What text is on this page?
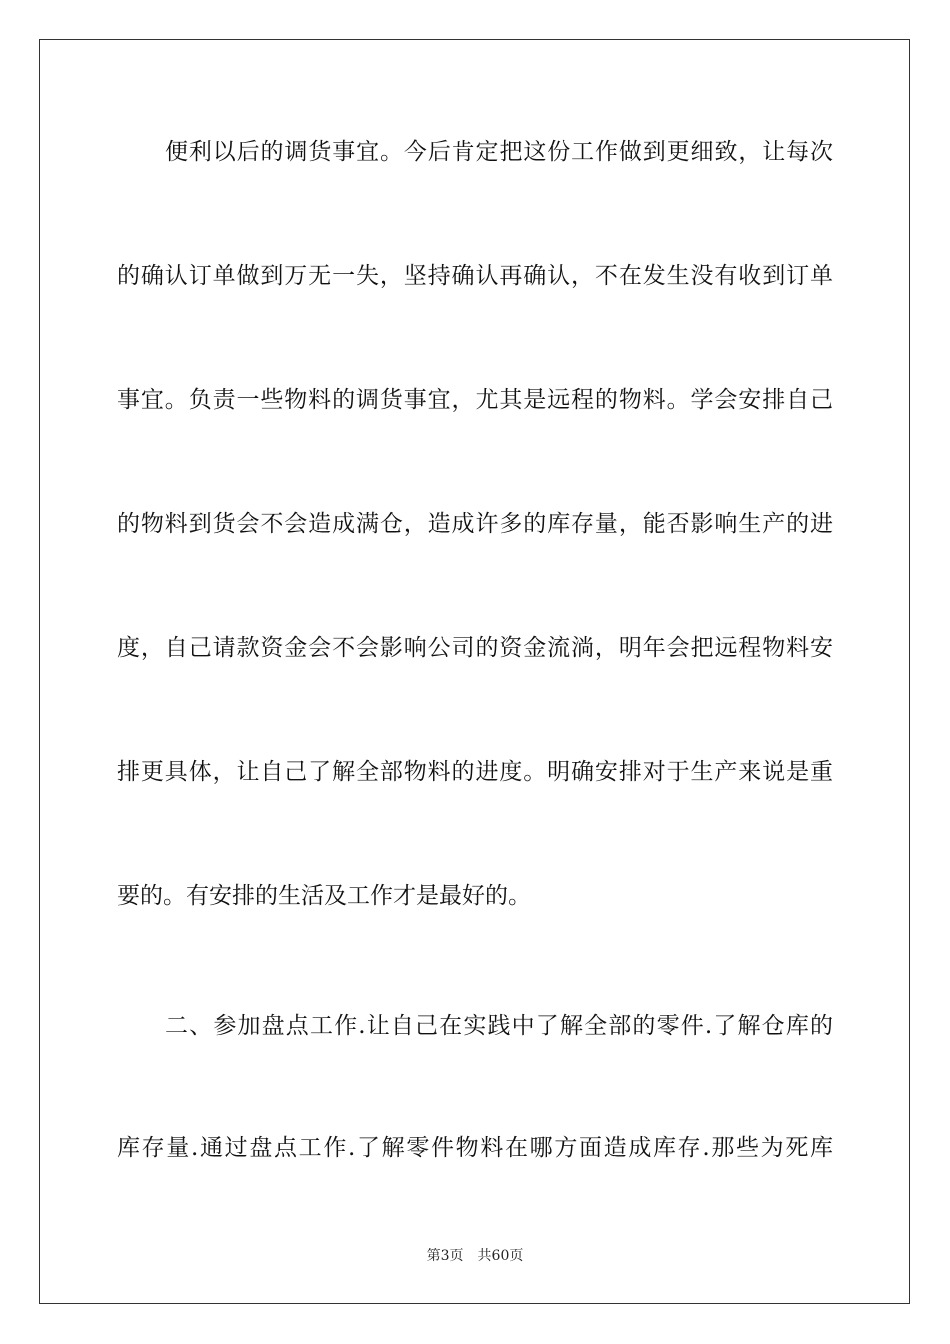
便利以后的调货事宜。今后肯定把这份工作做到更细致，让每次
的确认订单做到万无一失，坚持确认再确认，不在发生没有收到订单
事宜。负责一些物料的调货事宜，尤其是远程的物料。学会安排自己
的物料到货会不会造成满仓，造成许多的库存量，能否影响生产的进
度，自己请款资金会不会影响公司的资金流淌，明年会把远程物料安
排更具体，让自己了解全部物料的进度。明确安排对于生产来说是重
要的。有安排的生活及工作才是最好的。
二、参加盘点工作.让自己在实践中了解全部的零件.了解仓库的
库存量.通过盘点工作.了解零件物料在哪方面造成库存.那些为死库
第3页 共60页
